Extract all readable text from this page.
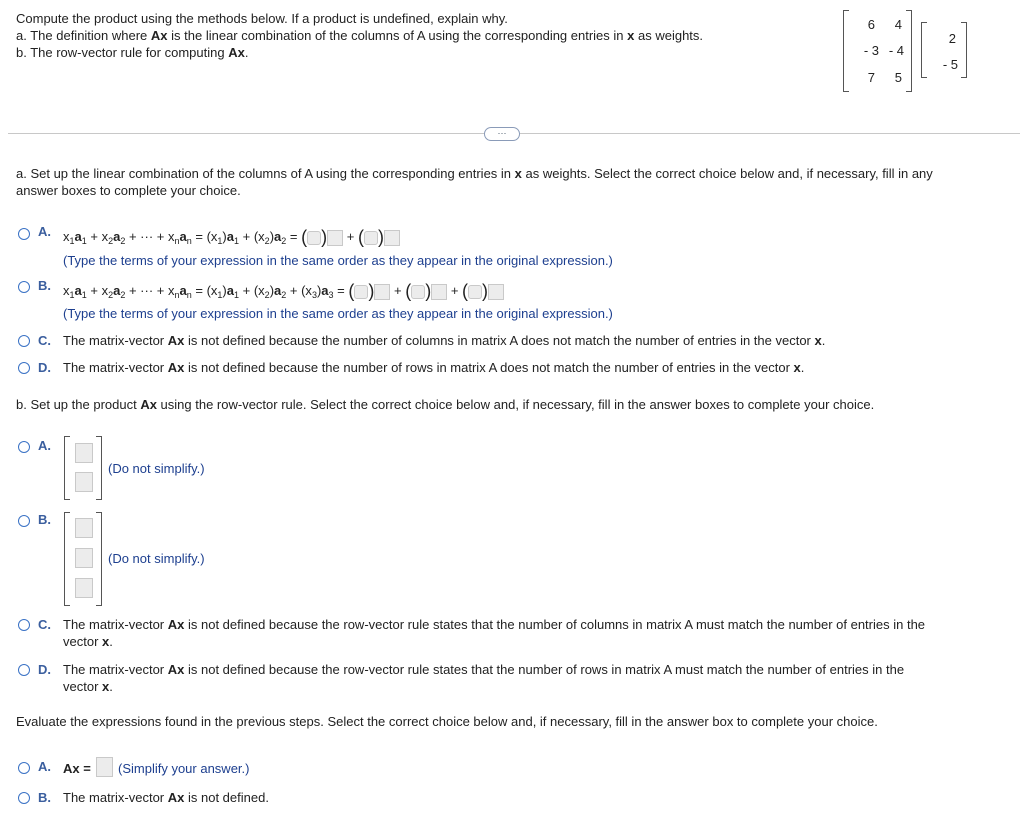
Compute the product using the methods below. If a product is undefined, explain why.
a. The definition where Ax is the linear combination of the columns of A using the corresponding entries in x as weights.
b. The row-vector rule for computing Ax.
6	4
- 3 - 4
7	5
2
- 5
···
a. Set up the linear combination of the columns of A using the corresponding entries in x as weights. Select the correct choice below and, if necessary, fill in any
answer boxes to complete your choice.
A. $x_1a_1 + x_2a_2$ + ··· + $x_na_n = (x_1)a_1 + (x_2)a_2$ = ( ) + ( )
(Type the terms of your expression in the same order as they appear in the original expression.)
B. $x_1a_1 + x_2a_2$ + ··· + $x_na_n = (x_1)a_1 + (x_2)a_2 + (x_3)a_3$ = ( ) + ( ) + ( )
(Type the terms of your expression in the same order as they appear in the original expression.)
C. The matrix-vector Ax is not defined because the number of columns in matrix A does not match the number of entries in the vector x.
D. The matrix-vector Ax is not defined because the number of rows in matrix A does not match the number of entries in the vector x.
b. Set up the product Ax using the row-vector rule. Select the correct choice below and, if necessary, fill in the answer boxes to complete your choice.
A.
(Do not simplify.)
B.
(Do not simplify.)
C. The matrix-vector Ax is not defined because the row-vector rule states that the number of columns in matrix A must match the number of entries in the
vector x.
D. The matrix-vector Ax is not defined because the row-vector rule states that the number of rows in matrix A must match the number of entries in the
vector x.
Evaluate the expressions found in the previous steps. Select the correct choice below and, if necessary, fill in the answer box to complete your choice.
A. Ax = (Simplify your answer.)
B. The matrix-vector Ax is not defined.
